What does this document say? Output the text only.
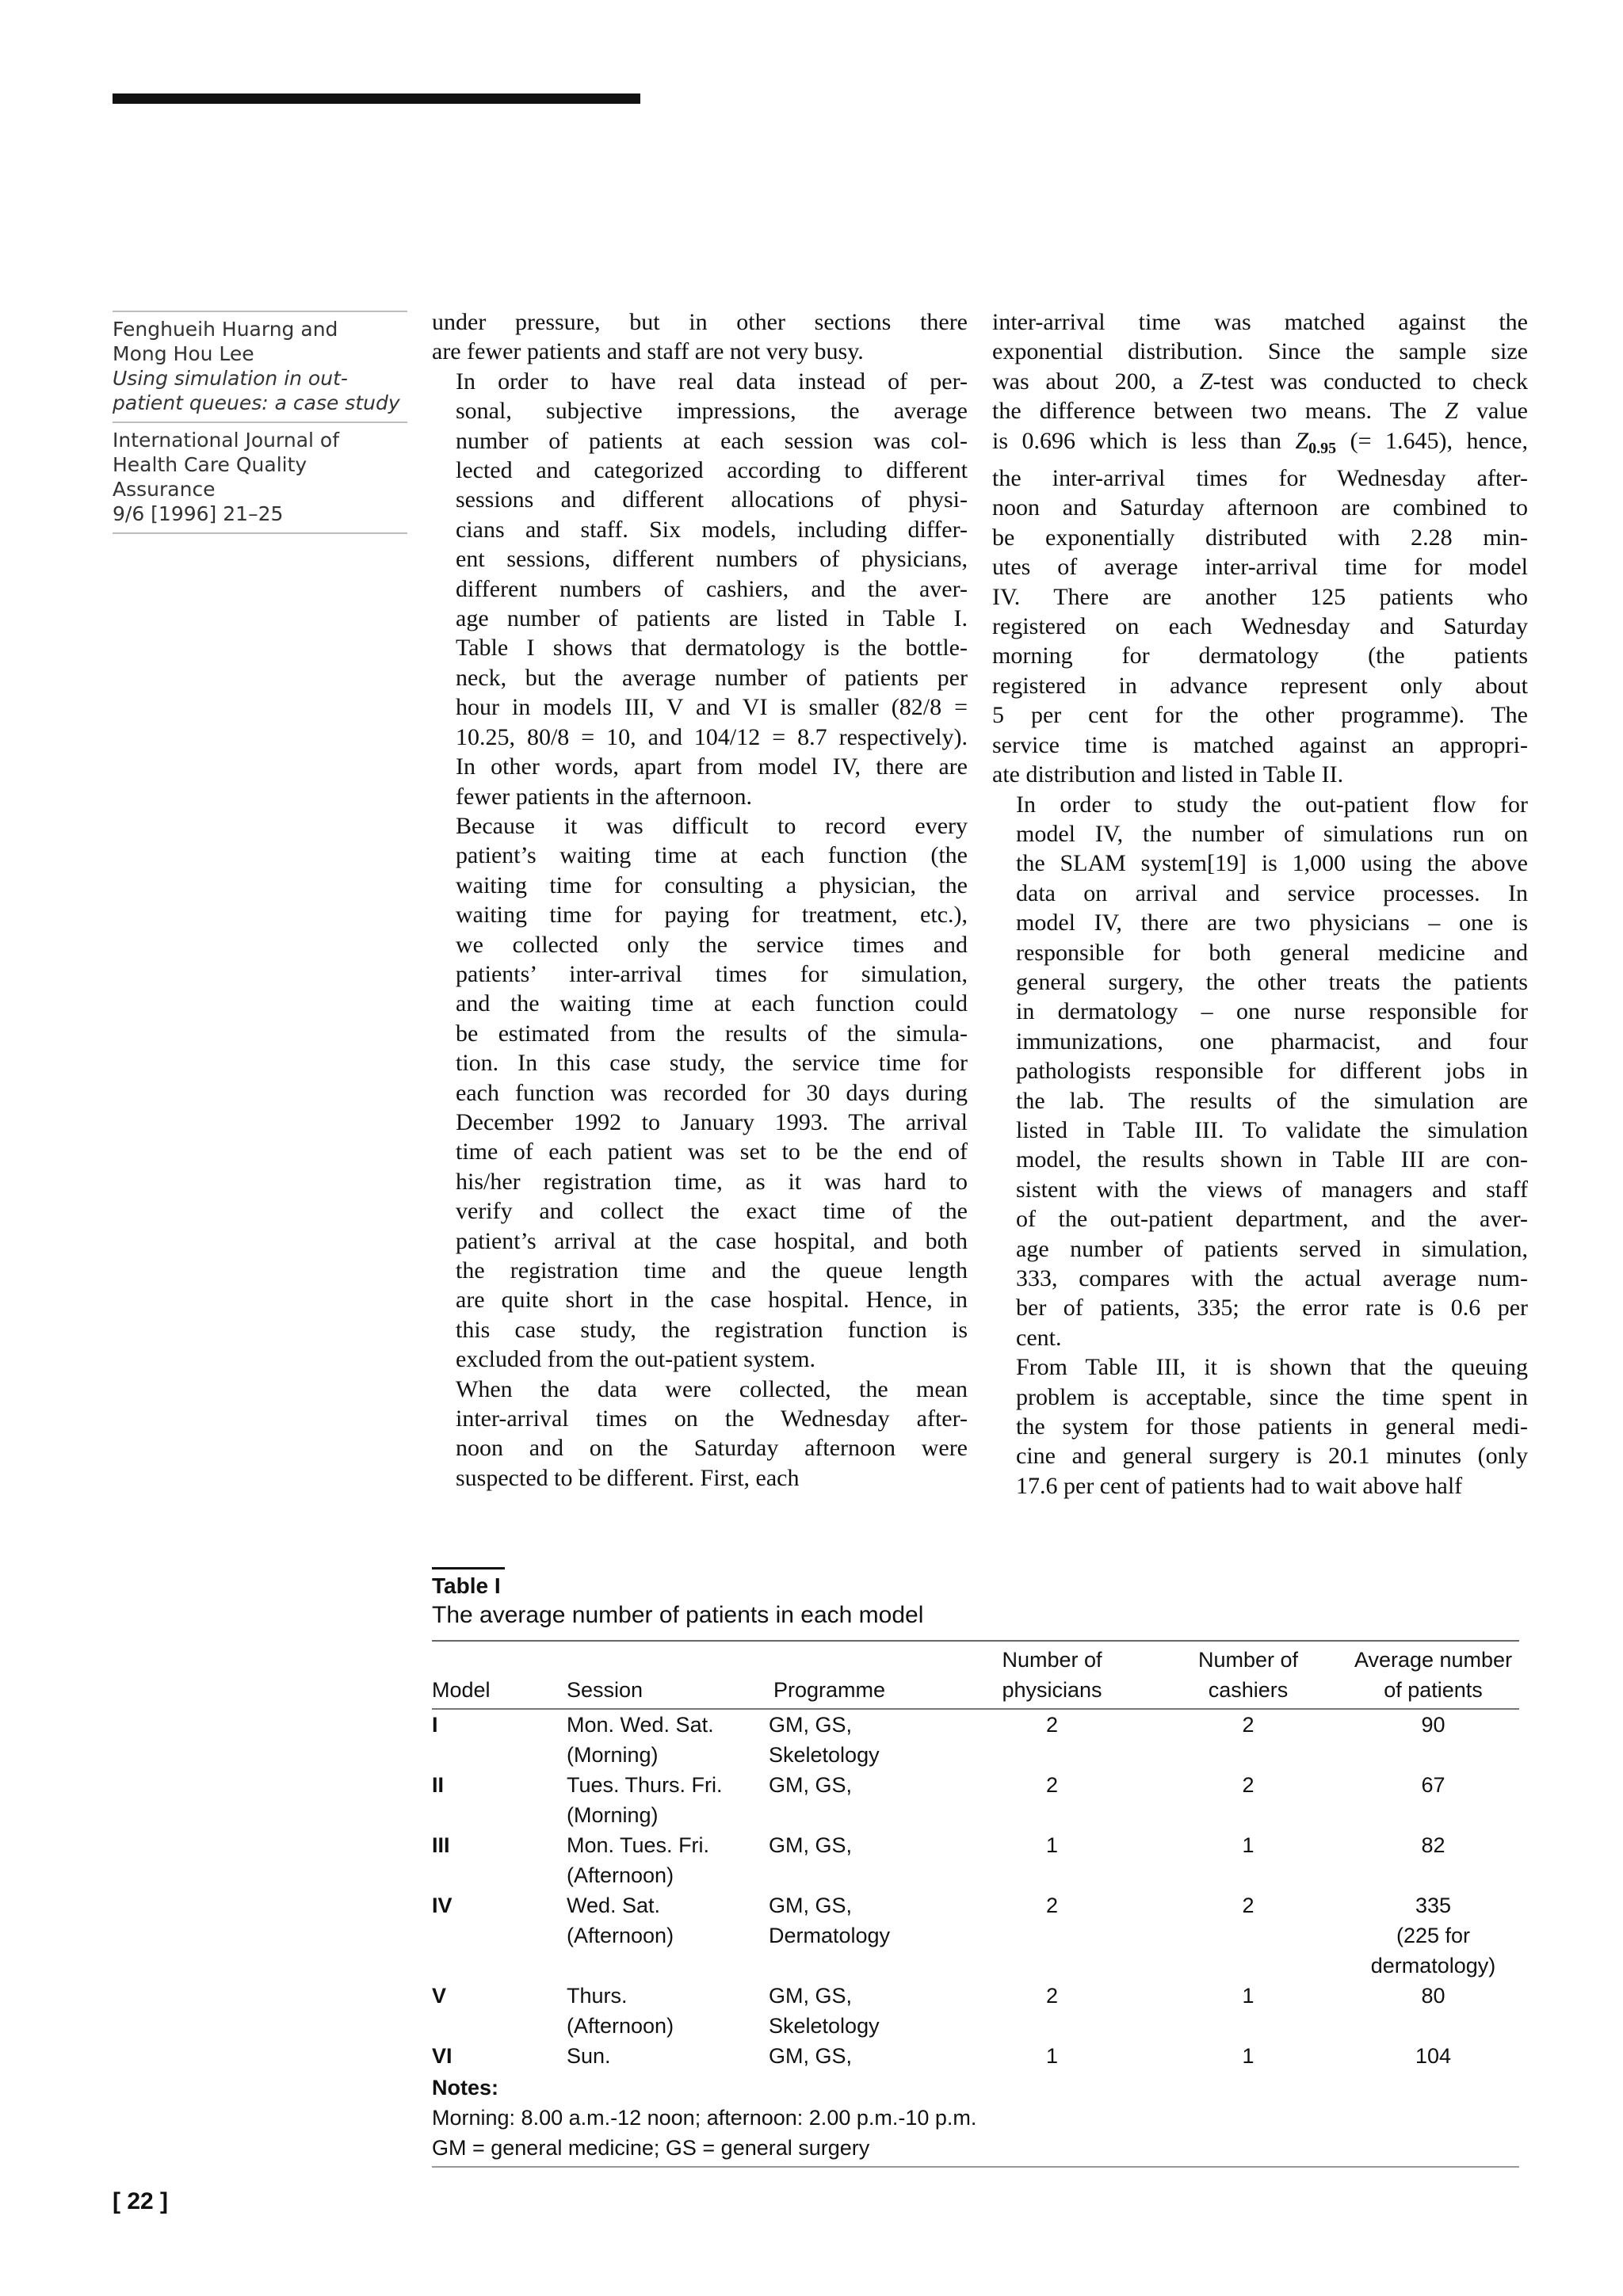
Fenghueih Huarng and
Mong Hou Lee
Using simulation in out-
patient queues: a case study
International Journal of
Health Care Quality
Assurance
9/6 [1996] 21–25

under pressure, but in other sections there
are fewer patients and staff are not very busy.

In order to have real data instead of per-
sonal, subjective impressions, the average
number of patients at each session was col-
lected and categorized according to different
sessions and different allocations of physi-
cians and staff. Six models, including differ-
ent sessions, different numbers of physicians,
different numbers of cashiers, and the aver-
age number of patients are listed in Table I.
Table I shows that dermatology is the bottle-
neck, but the average number of patients per
hour in models III, V and VI is smaller (82/8 =
10.25, 80/8 = 10, and 104/12 = 8.7 respectively).
In other words, apart from model IV, there are
fewer patients in the afternoon.

Because it was difficult to record every
patient’s waiting time at each function (the
waiting time for consulting a physician, the
waiting time for paying for treatment, etc.),
we collected only the service times and
patients’ inter-arrival times for simulation,
and the waiting time at each function could
be estimated from the results of the simula-
tion. In this case study, the service time for
each function was recorded for 30 days during
December 1992 to January 1993. The arrival
time of each patient was set to be the end of
his/her registration time, as it was hard to
verify and collect the exact time of the
patient’s arrival at the case hospital, and both
the registration time and the queue length
are quite short in the case hospital. Hence, in
this case study, the registration function is
excluded from the out-patient system.

When the data were collected, the mean
inter-arrival times on the Wednesday after-
noon and on the Saturday afternoon were
suspected to be different. First, each

inter-arrival time was matched against the
exponential distribution. Since the sample size
was about 200, a Z-test was conducted to check
the difference between two means. The Z value
is 0.696 which is less than $Z_{0.95}$ (= 1.645), hence,
the inter-arrival times for Wednesday after-
noon and Saturday afternoon are combined to
be exponentially distributed with 2.28 min-
utes of average inter-arrival time for model
IV. There are another 125 patients who
registered on each Wednesday and Saturday
morning for dermatology (the patients
registered in advance represent only about
5 per cent for the other programme). The
service time is matched against an appropri-
ate distribution and listed in Table II.

In order to study the out-patient flow for
model IV, the number of simulations run on
the SLAM system[19] is 1,000 using the above
data on arrival and service processes. In
model IV, there are two physicians – one is
responsible for both general medicine and
general surgery, the other treats the patients
in dermatology – one nurse responsible for
immunizations, one pharmacist, and four
pathologists responsible for different jobs in
the lab. The results of the simulation are
listed in Table III. To validate the simulation
model, the results shown in Table III are con-
sistent with the views of managers and staff
of the out-patient department, and the aver-
age number of patients served in simulation,
333, compares with the actual average num-
ber of patients, 335; the error rate is 0.6 per
cent.

From Table III, it is shown that the queuing
problem is acceptable, since the time spent in
the system for those patients in general medi-
cine and general surgery is 20.1 minutes (only
17.6 per cent of patients had to wait above half

Table I
The average number of patients in each model
Model	Session	Programme	Number of
physicians	Number of
cashiers	Average number
of patients

I	Mon. Wed. Sat.
(Morning)	GM, GS,
Skeletology	2	2	90

II	Tues. Thurs. Fri.
(Morning)	GM, GS,	2	2	67

III	Mon. Tues. Fri.
(Afternoon)	GM, GS,	1	1	82

IV	Wed. Sat.
(Afternoon)	GM, GS,
Dermatology	2	2	335
(225 for
dermatology)

V	Thurs.
(Afternoon)	GM, GS,
Skeletology	2	1	80

VI	Sun.	GM, GS,	1	1	104

Notes:					
Morning: 8.00 a.m.-12 noon; afternoon: 2.00 p.m.-10 p.m.					
GM = general medicine; GS = general surgery					
[ 22 ]
